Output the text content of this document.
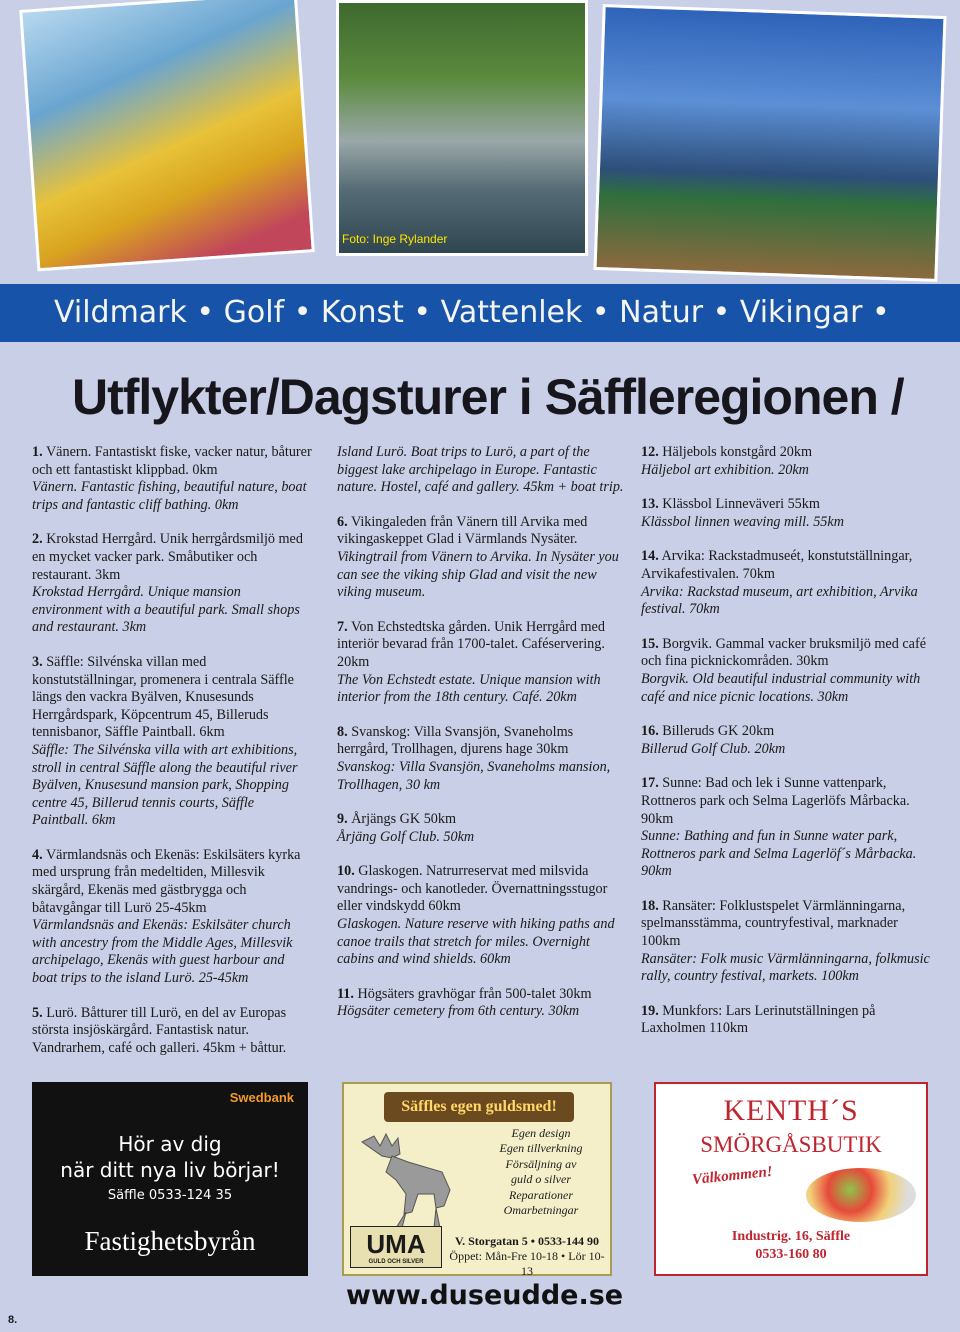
Foto: Inge Rylander
Vildmark • Golf • Konst • Vattenlek • Natur • Vikingar •
Utflykter/Dagsturer i Säffleregionen /
1. Vänern. Fantastiskt fiske, vacker natur, båturer och ett fantastiskt klippbad. 0km
Vänern. Fantastic fishing, beautiful nature, boat trips and fantastic cliff bathing. 0km
2. Krokstad Herrgård. Unik herrgårdsmiljö med en mycket vacker park. Småbutiker och restaurant. 3km
Krokstad Herrgård. Unique mansion environment with a beautiful park. Small shops and restaurant. 3km
3. Säffle: Silvénska villan med konstutställningar, promenera i centrala Säffle längs den vackra Byälven, Knusesunds Herrgårdspark, Köpcentrum 45, Billeruds tennisbanor, Säffle Paintball. 6km
Säffle: The Silvénska villa with art exhibitions, stroll in central Säffle along the beautiful river Byälven, Knusesund mansion park, Shopping centre 45, Billerud tennis courts, Säffle Paintball. 6km
4. Värmlandsnäs och Ekenäs: Eskilsäters kyrka med ursprung från medeltiden, Millesvik skärgård, Ekenäs med gästbrygga och båtavgångar till Lurö 25-45km
Värmlandsnäs and Ekenäs: Eskilsäter church with ancestry from the Middle Ages, Millesvik archipelago, Ekenäs with guest harbour and boat trips to the island Lurö. 25-45km
5. Lurö. Båtturer till Lurö, en del av Europas största insjöskärgård. Fantastisk natur. Vandrarhem, café och galleri. 45km + båttur.
Island Lurö. Boat trips to Lurö, a part of the biggest lake archipelago in Europe. Fantastic nature. Hostel, café and gallery. 45km + boat trip.
6. Vikingaleden från Vänern till Arvika med vikingaskeppet Glad i Värmlands Nysäter.
Vikingtrail from Vänern to Arvika. In Nysäter you can see the viking ship Glad and visit the new viking museum.
7. Von Echstedtska gården. Unik Herrgård med interiör bevarad från 1700-talet. Caféservering. 20km
The Von Echstedt estate. Unique mansion with interior from the 18th century. Café. 20km
8. Svanskog: Villa Svansjön, Svaneholms herrgård, Trollhagen, djurens hage 30km
Svanskog: Villa Svansjön, Svaneholms mansion, Trollhagen, 30 km
9. Årjängs GK 50km
Årjäng Golf Club. 50km
10. Glaskogen. Natrurreservat med milsvida vandrings- och kanotleder. Övernattningsstugor eller vindskydd 60km
Glaskogen. Nature reserve with hiking paths and canoe trails that stretch for miles. Overnight cabins and wind shields. 60km
11. Högsäters gravhögar från 500-talet 30km
Högsäter cemetery from 6th century. 30km
12. Häljebols konstgård 20km
Häljebol art exhibition. 20km
13. Klässbol Linneväveri 55km
Klässbol linnen weaving mill. 55km
14. Arvika: Rackstadmuseét, konstutställningar, Arvikafestivalen. 70km
Arvika: Rackstad museum, art exhibition, Arvika festival. 70km
15. Borgvik. Gammal vacker bruksmiljö med café och fina picknickområden. 30km
Borgvik. Old beautiful industrial community with café and nice picnic locations. 30km
16. Billeruds GK 20km
Billerud Golf Club. 20km
17. Sunne: Bad och lek i Sunne vattenpark, Rottneros park och Selma Lagerlöfs Mårbacka. 90km
Sunne: Bathing and fun in Sunne water park, Rottneros park and Selma Lagerlöf´s Mårbacka. 90km
18. Ransäter: Folklustspelet Värmlänningarna, spelmansstämma, countryfestival, marknader 100km
Ransäter: Folk music Värmlänningarna, folkmusic rally, country festival, markets. 100km
19. Munkfors: Lars Lerinutställningen på Laxholmen 110km
Swedbank
Hör av dig
när ditt nya liv börjar!
Säffle 0533-124 35
Fastighetsbyrån
Säffles egen guldsmed!
Egen design
Egen tillverkning
Försäljning av
guld o silver
Reparationer
Omarbetningar
UMA
GULD OCH SILVER
V. Storgatan 5 • 0533-144 90
Öppet: Mån-Fre 10-18 • Lör 10-13
KENTH´S
SMÖRGÅSBUTIK
Välkommen!
Industrig. 16, Säffle
0533-160 80
www.duseudde.se
8.
